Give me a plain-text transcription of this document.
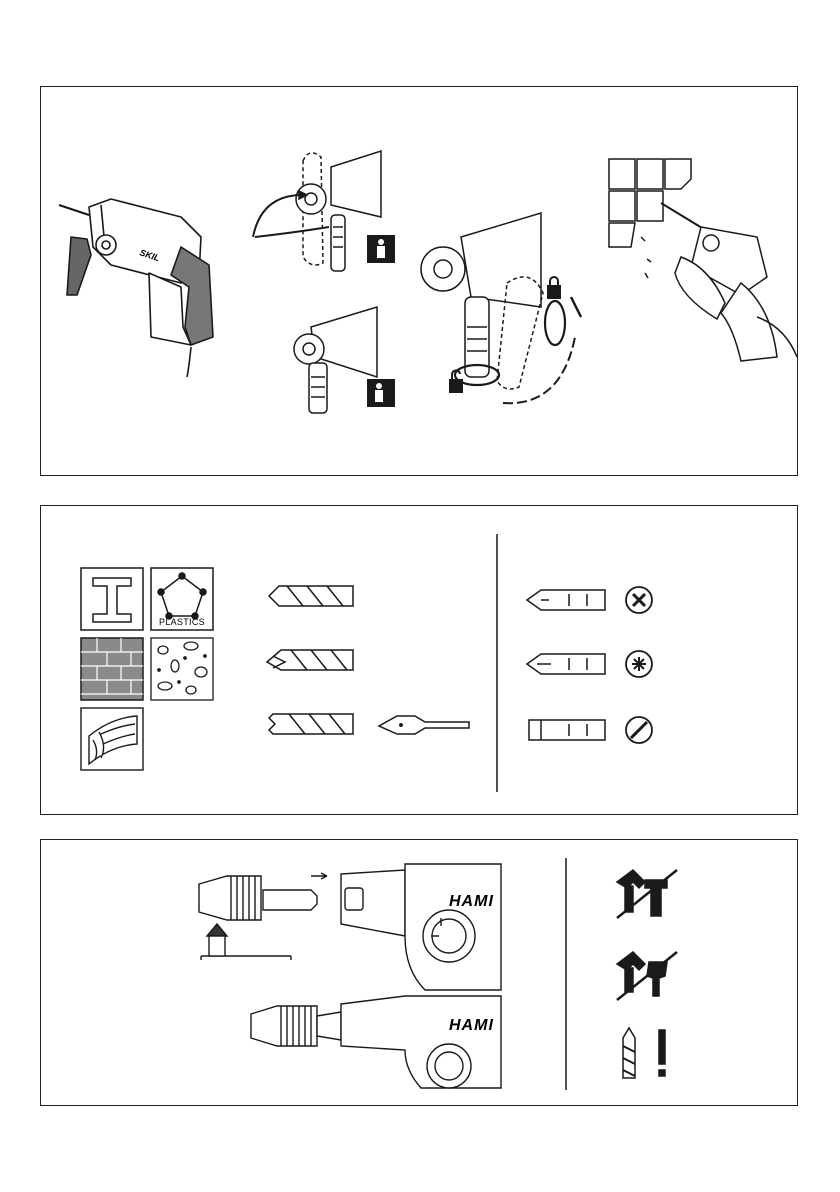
SKIL
PLASTICS
HAMI
HAMI
